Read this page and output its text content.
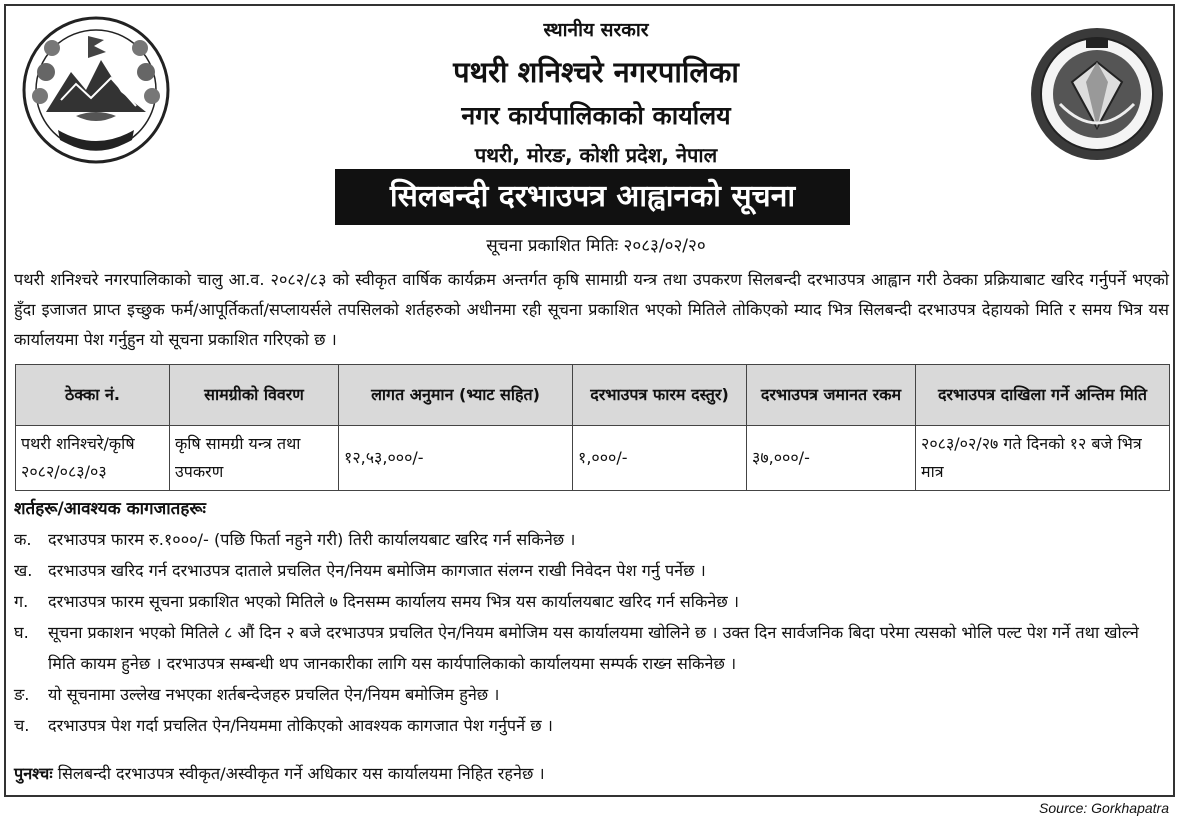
स्थानीय सरकार
पथरी शनिश्चरे नगरपालिका
नगर कार्यपालिकाको कार्यालय
पथरी, मोरङ, कोशी प्रदेश, नेपाल
सिलबन्दी दरभाउपत्र आह्वानको सूचना
सूचना प्रकाशित मितिः २०८३/०२/२०
पथरी शनिश्चरे नगरपालिकाको चालु आ.व. २०८२/८३ को स्वीकृत वार्षिक कार्यक्रम अन्तर्गत कृषि सामाग्री यन्त्र तथा उपकरण सिलबन्दी दरभाउपत्र आह्वान गरी ठेक्का प्रक्रियाबाट खरिद गर्नुपर्ने भएको हुँदा इजाजत प्राप्त इच्छुक फर्म/आपूर्तिकर्ता/सप्लायर्सले तपसिलको शर्तहरुको अधीनमा रही सूचना प्रकाशित भएको मितिले तोकिएको म्याद भित्र सिलबन्दी दरभाउपत्र देहायको मिति र समय भित्र यस कार्यालयमा पेश गर्नुहुन यो सूचना प्रकाशित गरिएको छ ।
ठेक्का नं.	सामग्रीको विवरण	लागत अनुमान (भ्याट सहित)	दरभाउपत्र फारम दस्तुर)	दरभाउपत्र जमानत रकम	दरभाउपत्र दाखिला गर्ने अन्तिम मिति
पथरी शनिश्चरे/कृषि २०८२/०८३/०३	कृषि सामग्री यन्त्र तथा उपकरण	१२,५३,०००/-	१,०००/-	३७,०००/-	२०८३/०२/२७ गते दिनको १२ बजे भित्र मात्र
शर्तहरू/आवश्यक कागजातहरूः
क.	दरभाउपत्र फारम रु.१०००/- (पछि फिर्ता नहुने गरी) तिरी कार्यालयबाट खरिद गर्न सकिनेछ ।
ख. दरभाउपत्र खरिद गर्न दरभाउपत्र दाताले प्रचलित ऐन/नियम बमोजिम कागजात संलग्न राखी निवेदन पेश गर्नु पर्नेछ ।
ग.	दरभाउपत्र फारम सूचना प्रकाशित भएको मितिले ७ दिनसम्म कार्यालय समय भित्र यस कार्यालयबाट खरिद गर्न सकिनेछ ।
घ.	सूचना प्रकाशन भएको मितिले ८ औं दिन २ बजे दरभाउपत्र प्रचलित ऐन/नियम बमोजिम यस कार्यालयमा खोलिने छ । उक्त दिन सार्वजनिक बिदा परेमा त्यसको भोलि पल्ट पेश गर्ने तथा खोल्ने मिति कायम हुनेछ । दरभाउपत्र सम्बन्धी थप जानकारीका लागि यस कार्यपालिकाको कार्यालयमा सम्पर्क राख्न सकिनेछ ।
ङ.	यो सूचनामा उल्लेख नभएका शर्तबन्देजहरु प्रचलित ऐन/नियम बमोजिम हुनेछ ।
च.	दरभाउपत्र पेश गर्दा प्रचलित ऐन/नियममा तोकिएको आवश्यक कागजात पेश गर्नुपर्ने छ ।
पुनश्चः सिलबन्दी दरभाउपत्र स्वीकृत/अस्वीकृत गर्ने अधिकार यस कार्यालयमा निहित रहनेछ ।
Source: Gorkhapatra
